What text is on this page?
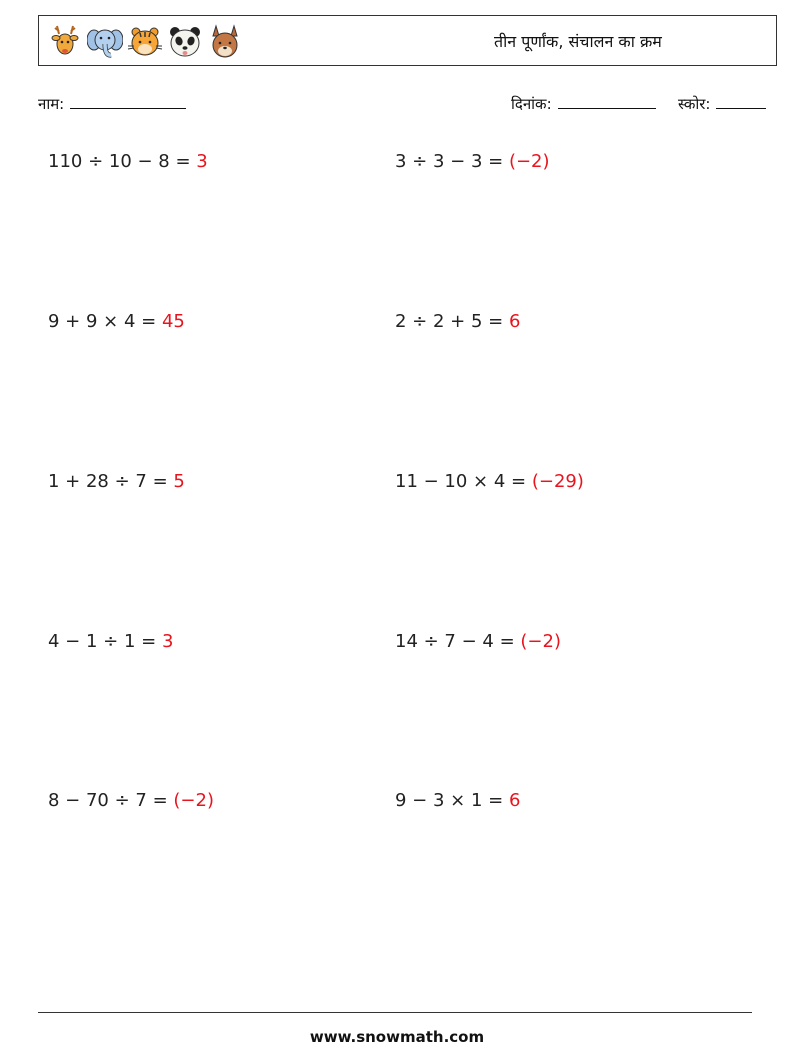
तीन पूर्णांक, संचालन का क्रम
नाम:	दिनांक:	स्कोर:
110 ÷ 10 − 8 = 3	3 ÷ 3 − 3 = (−2)
9 + 9 × 4 = 45	2 ÷ 2 + 5 = 6
1 + 28 ÷ 7 = 5	11 − 10 × 4 = (−29)
4 − 1 ÷ 1 = 3	14 ÷ 7 − 4 = (−2)
8 − 70 ÷ 7 = (−2)	9 − 3 × 1 = 6
www.snowmath.com
